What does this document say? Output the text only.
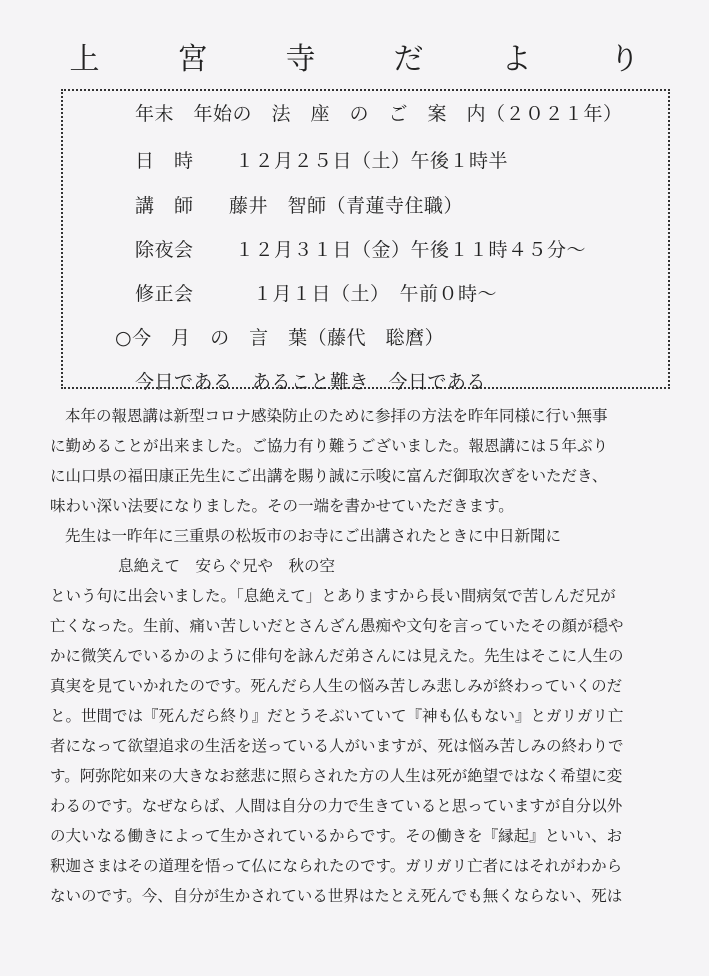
上　宮　寺　だ　よ　り
年末　年始の　法　座　の　ご　案　内（２０２１年）
日　時 １２月２５日（土）午後１時半
講　師 藤井　智師（青蓮寺住職）
除夜会 １２月３１日（金）午後１１時４５分～
修正会	１月１日（土）　午前０時～
○今　月　の　言　葉（藤代　聡麿）
今日である　あること難き　今日である

本年の報恩講は新型コロナ感染防止のために参拝の方法を昨年同様に行い無事

に勤めることが出来ました。ご協力有り難うございました。報恩講には５年ぶり

に山口県の福田康正先生にご出講を賜り誠に示唆に富んだ御取次ぎをいただき、

味わい深い法要になりました。その一端を書かせていただきます。

先生は一昨年に三重県の松坂市のお寺にご出講されたときに中日新聞に

息絶えて　安らぐ兄や　秋の空

という句に出会いました。「息絶えて」とありますから長い間病気で苦しんだ兄が

亡くなった。生前、痛い苦しいだとさんざん愚痴や文句を言っていたその顔が穏や

かに微笑んでいるかのように俳句を詠んだ弟さんには見えた。先生はそこに人生の

真実を見ていかれたのです。死んだら人生の悩み苦しみ悲しみが終わっていくのだ

と。世間では『死んだら終り』だとうそぶいていて『神も仏もない』とガリガリ亡

者になって欲望追求の生活を送っている人がいますが、死は悩み苦しみの終わりで

す。阿弥陀如来の大きなお慈悲に照らされた方の人生は死が絶望ではなく希望に変

わるのです。なぜならば、人間は自分の力で生きていると思っていますが自分以外

の大いなる働きによって生かされているからです。その働きを『縁起』といい、お

釈迦さまはその道理を悟って仏になられたのです。ガリガリ亡者にはそれがわから

ないのです。今、自分が生かされている世界はたとえ死んでも無くならない、死は
